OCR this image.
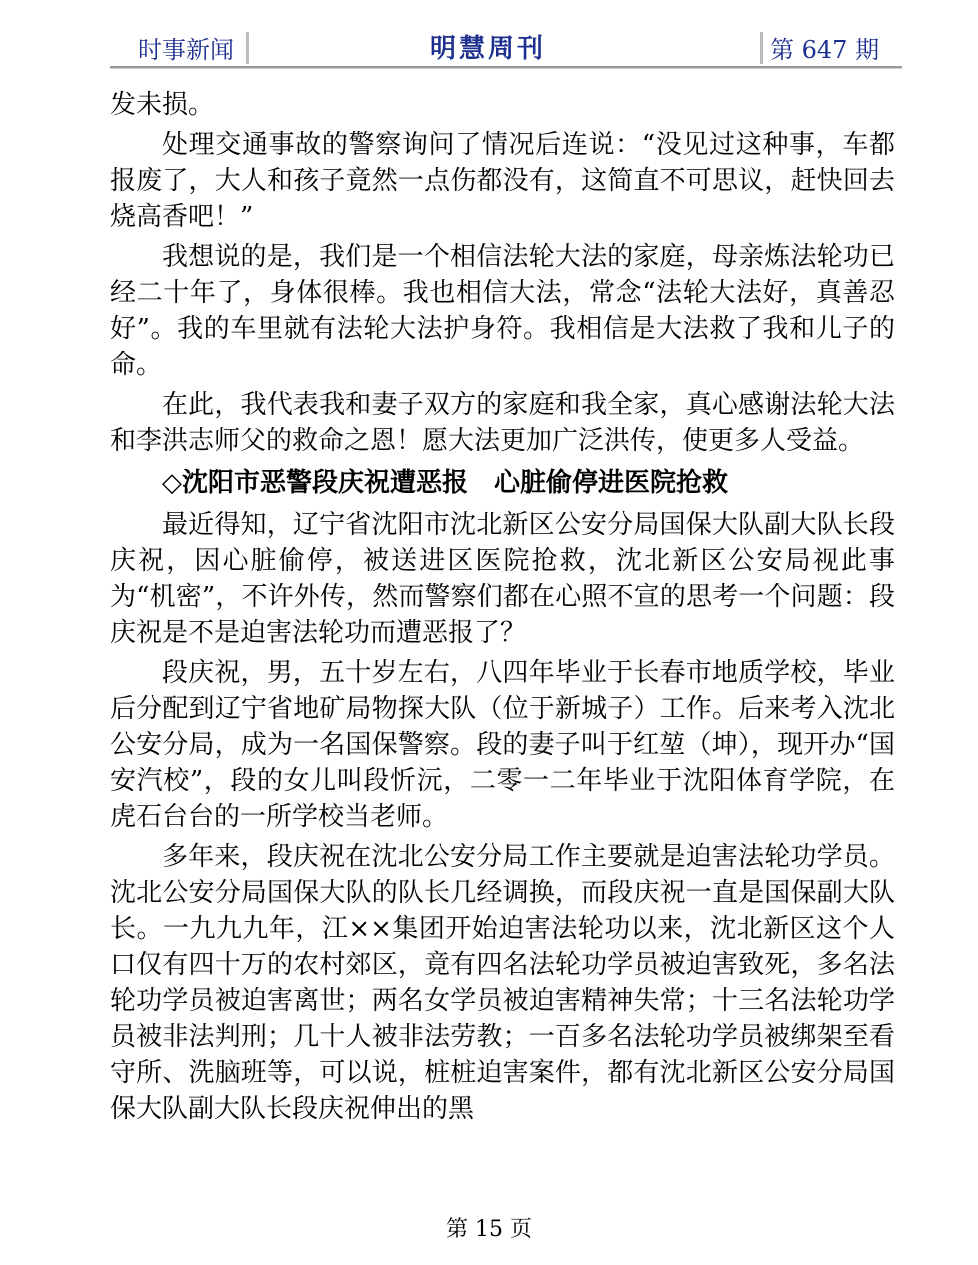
时事新闻	明慧周刊	第 647 期

发未损。

处理交通事故的警察询问了情况后连说：“没见过这种事，车都报废了，大人和孩子竟然一点伤都没有，这简直不可思议，赶快回去烧高香吧！”

我想说的是，我们是一个相信法轮大法的家庭，母亲炼法轮功已经二十年了，身体很棒。我也相信大法，常念“法轮大法好，真善忍好”。我的车里就有法轮大法护身符。我相信是大法救了我和儿子的命。

在此，我代表我和妻子双方的家庭和我全家，真心感谢法轮大法和李洪志师父的救命之恩！愿大法更加广泛洪传，使更多人受益。

◇沈阳市恶警段庆祝遭恶报　心脏偷停进医院抢救

最近得知，辽宁省沈阳市沈北新区公安分局国保大队副大队长段庆祝，因心脏偷停，被送进区医院抢救，沈北新区公安局视此事为“机密”，不许外传，然而警察们都在心照不宣的思考一个问题：段庆祝是不是迫害法轮功而遭恶报了？

段庆祝，男，五十岁左右，八四年毕业于长春市地质学校，毕业后分配到辽宁省地矿局物探大队（位于新城子）工作。后来考入沈北公安分局，成为一名国保警察。段的妻子叫于红堃（坤），现开办“国安汽校”，段的女儿叫段忻沅，二零一二年毕业于沈阳体育学院，在虎石台台的一所学校当老师。

多年来，段庆祝在沈北公安分局工作主要就是迫害法轮功学员。沈北公安分局国保大队的队长几经调换，而段庆祝一直是国保副大队长。一九九九年，江××集团开始迫害法轮功以来，沈北新区这个人口仅有四十万的农村郊区，竟有四名法轮功学员被迫害致死，多名法轮功学员被迫害离世；两名女学员被迫害精神失常；十三名法轮功学员被非法判刑；几十人被非法劳教；一百多名法轮功学员被绑架至看守所、洗脑班等，可以说，桩桩迫害案件，都有沈北新区公安分局国保大队副大队长段庆祝伸出的黑

第 15 页
